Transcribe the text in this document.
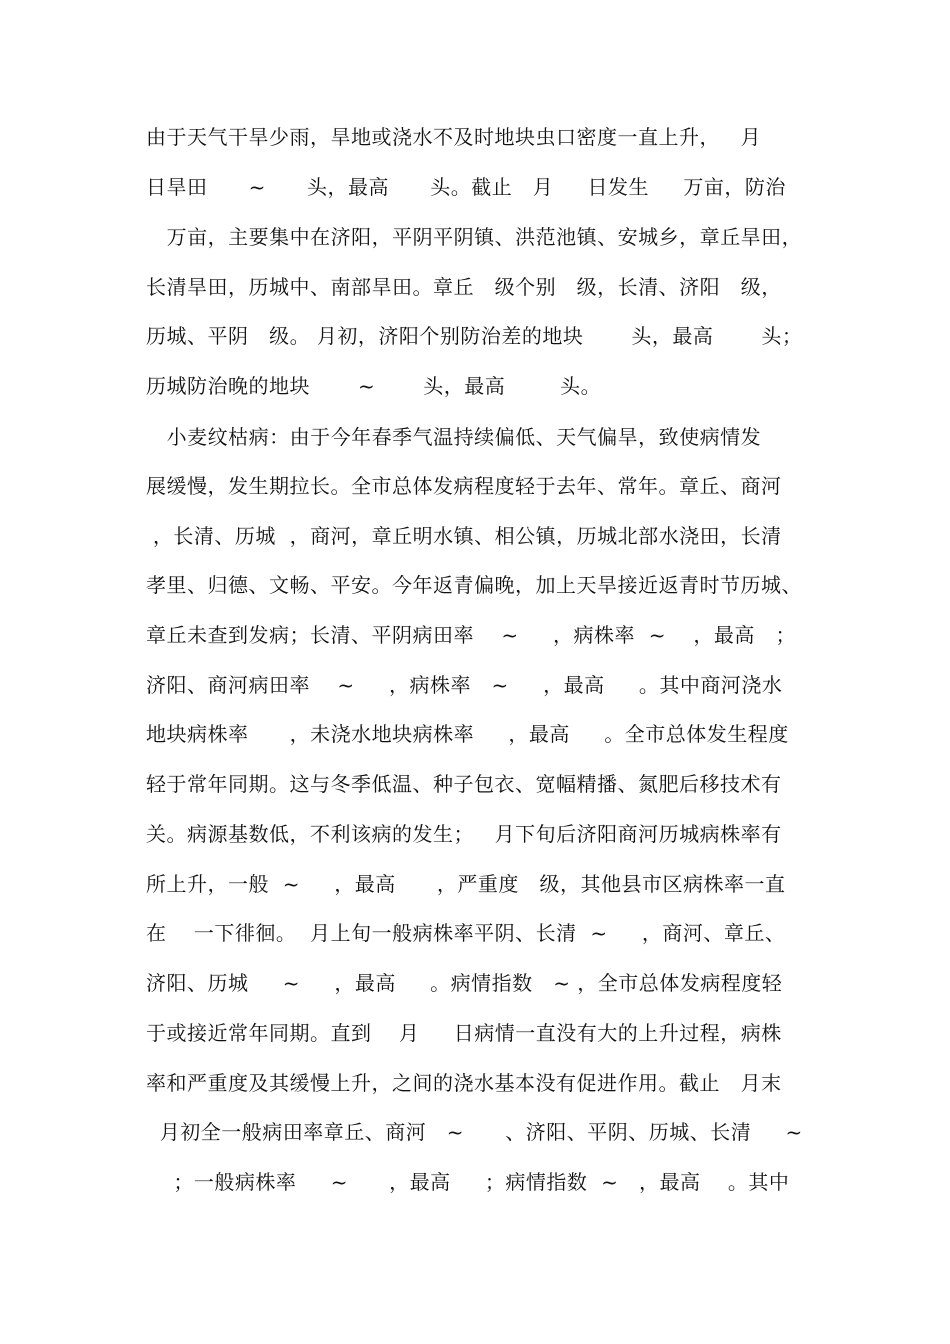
由于天气干旱少雨，旱地或浇水不及时地块虫口密度一直上升，   月
日旱田      ~      头，最高      头。截止   月     日发生     万亩，防治
万亩，主要集中在济阳，平阴平阴镇、洪范池镇、安城乡，章丘旱田，
长清旱田，历城中、南部旱田。章丘   级个别   级，长清、济阳   级，
历城、平阴   级。 月初，济阳个别防治差的地块       头，最高       头；
历城防治晚的地块       ~       头，最高        头。
小麦纹枯病：由于今年春季气温持续偏低、天气偏旱，致使病情发
展缓慢，发生期拉长。全市总体发病程度轻于去年、常年。章丘、商河
，长清、历城  ，商河，章丘明水镇、相公镇，历城北部水浇田，长清
孝里、归德、文畅、平安。今年返青偏晚，加上天旱接近返青时节历城、
章丘未查到发病；长清、平阴病田率    ~     ，病株率  ~    ，最高   ；
济阳、商河病田率    ~     ，病株率   ~     ，最高     。其中商河浇水
地块病株率      ，未浇水地块病株率     ，最高     。全市总体发生程度
轻于常年同期。这与冬季低温、种子包衣、宽幅精播、氮肥后移技术有
关。病源基数低，不利该病的发生；   月下旬后济阳商河历城病株率有
所上升，一般  ~     ，最高      ，严重度   级，其他县市区病株率一直
在    一下徘徊。  月上旬一般病株率平阴、长清  ~     ，商河、章丘、
济阳、历城     ~     ，最高     。病情指数   ~ ，全市总体发病程度轻
于或接近常年同期。直到    月     日病情一直没有大的上升过程，病株
率和严重度及其缓慢上升，之间的浇水基本没有促进作用。截止   月末
月初全一般病田率章丘、商河   ~      、济阳、平阴、历城、长清     ~
；一般病株率     ~      ，最高     ；病情指数  ~   ，最高    。其中
